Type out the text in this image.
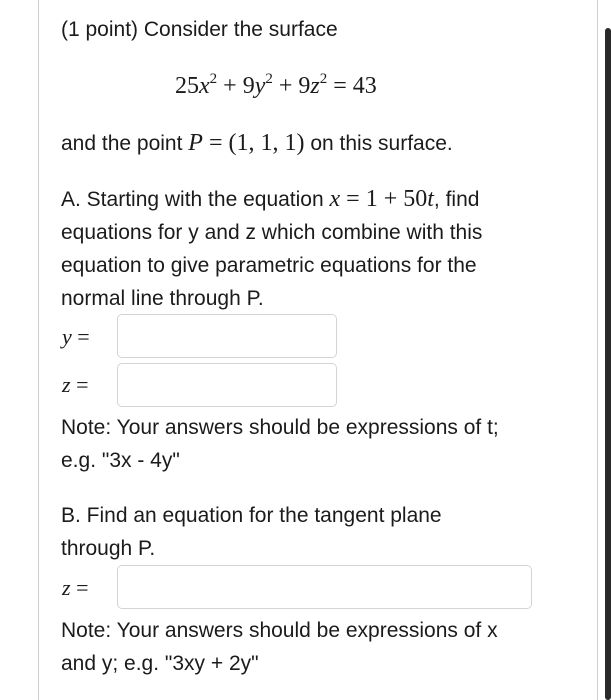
(1 point) Consider the surface
$25x^2 + 9y^2 + 9z^2 = 43$
and the point P = (1, 1, 1) on this surface.
A. Starting with the equation x = 1 + 50t, find
equations for y and z which combine with this
equation to give parametric equations for the
normal line through P.
y =
z =
Note: Your answers should be expressions of t;
e.g. "3x - 4y"
B. Find an equation for the tangent plane
through P.
z =
Note: Your answers should be expressions of x
and y; e.g. "3xy + 2y"
